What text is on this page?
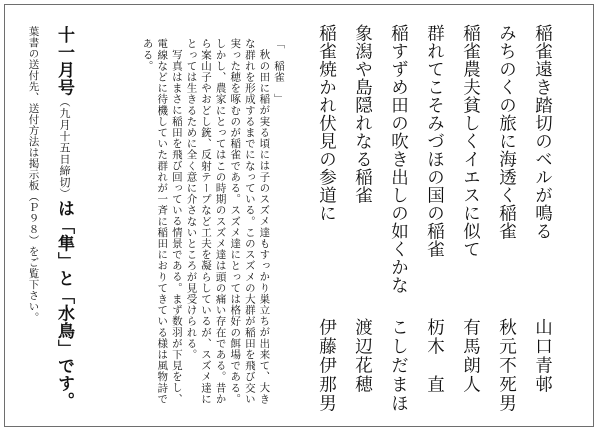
稲雀遠き踏切のベルが鳴る
山口青邨
みちのくの旅に海透く稲雀
秋元不死男
稲雀農夫貧しくイエスに似て
有馬朗人
群れてこそみづほの国の稲雀
杤木　直
稲すずめ田の吹き出しの如くかな
こしだまほ
象潟や島隠れなる稲雀
渡辺花穂
稲雀焼かれ伏見の参道に
伊藤伊那男

「　稲雀　」

秋の田に稲が実る頃には子のスズメ達もすっかり巣立ちが出来て、大きな群れを形成するまでになっている。このスズメの大群が稲田を飛び交い実った穂を啄むのが稲雀である。スズメ達にとっては格好の餌場である。しかし、農家にとってはこの時期のスズメ達は頭の痛い存在である。昔から案山子やおどし銃、反射テープなど工夫を凝らしているが、スズメ達にとっては生きるために全く意に介さないところが見受けられる。

写真はまさに稲田を飛び回っている情景である。まず数羽が下見をし、電線などに待機していた群れが一斉に稲田におりてきている様は風物詩である。

十一月号（九月十五日締切）は「隼」と「水鳥」です。
葉書の送付先、送付方法は掲示板（Ｐ９８）をご覧下さい。
